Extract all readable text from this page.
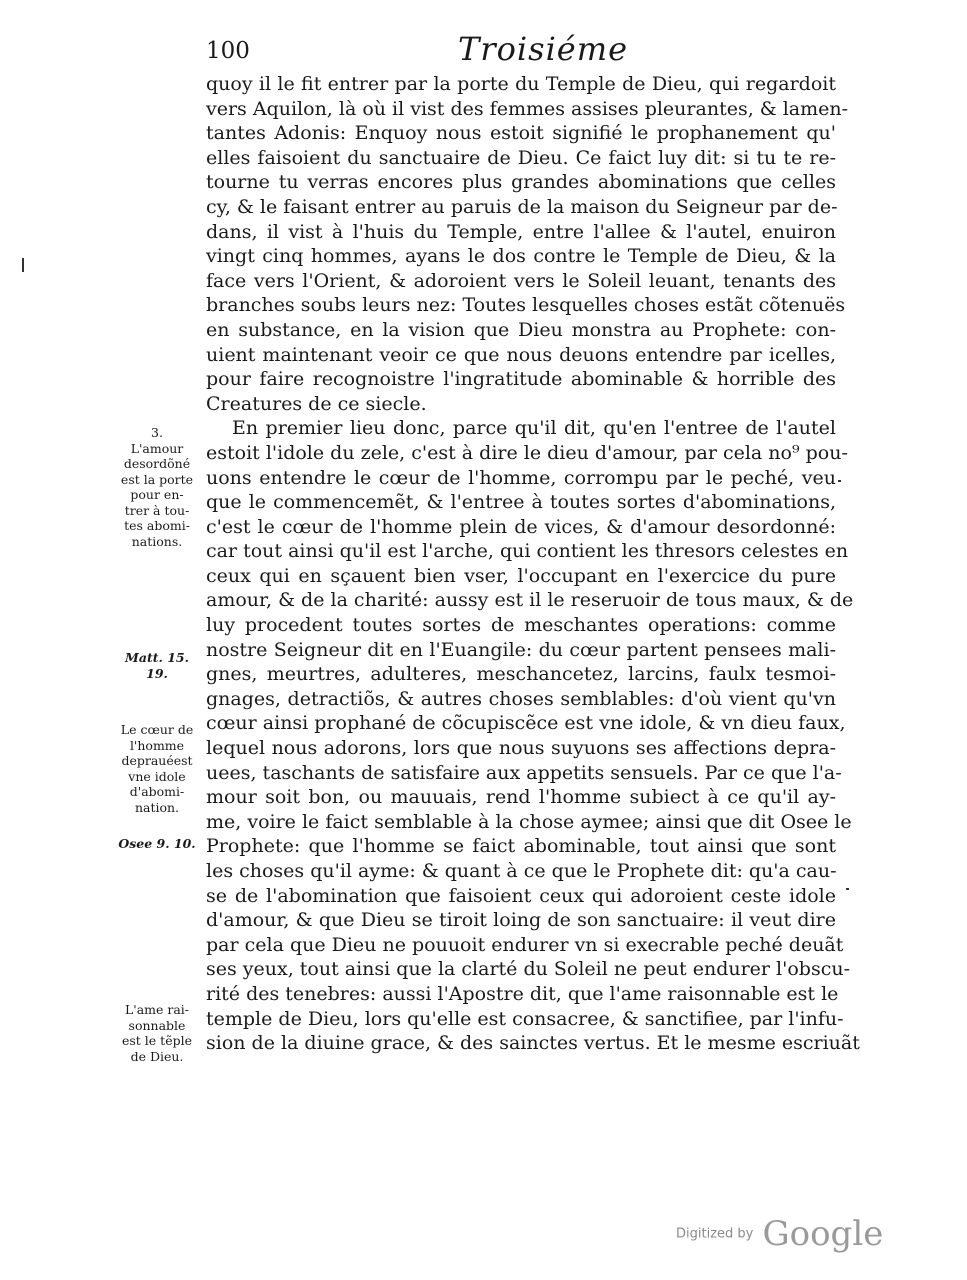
100	Troisiéme
quoy il le fit entrer par la porte du Temple de Dieu, qui regardoit
vers Aquilon, là où il vist des femmes assises pleurantes, & lamen-
tantes Adonis: Enquoy nous estoit signifié le prophanement qu'
elles faisoient du sanctuaire de Dieu. Ce faict luy dit: si tu te re-
tourne tu verras encores plus grandes abominations que celles
cy, & le faisant entrer au paruis de la maison du Seigneur par de-
dans, il vist à l'huis du Temple, entre l'allee & l'autel, enuiron
vingt cinq hommes, ayans le dos contre le Temple de Dieu, & la
face vers l'Orient, & adoroient vers le Soleil leuant, tenants des
branches soubs leurs nez: Toutes lesquelles choses estãt cõtenuës
en substance, en la vision que Dieu monstra au Prophete: con-
uient maintenant veoir ce que nous deuons entendre par icelles,
pour faire recognoistre l'ingratitude abominable & horrible des
Creatures de ce siecle.
En premier lieu donc, parce qu'il dit, qu'en l'entree de l'autel
estoit l'idole du zele, c'est à dire le dieu d'amour, par cela no⁹ pou-
uons entendre le cœur de l'homme, corrompu par le peché, veu
que le commencemẽt, & l'entree à toutes sortes d'abominations,
c'est le cœur de l'homme plein de vices, & d'amour desordonné:
car tout ainsi qu'il est l'arche, qui contient les thresors celestes en
ceux qui en sçauent bien vser, l'occupant en l'exercice du pure
amour, & de la charité: aussy est il le reseruoir de tous maux, & de
luy procedent toutes sortes de meschantes operations: comme
nostre Seigneur dit en l'Euangile: du cœur partent pensees mali-
gnes, meurtres, adulteres, meschancetez, larcins, faulx tesmoi-
gnages, detractiõs, & autres choses semblables: d'où vient qu'vn
cœur ainsi prophané de cõcupiscẽce est vne idole, & vn dieu faux,
lequel nous adorons, lors que nous suyuons ses affections depra-
uees, taschants de satisfaire aux appetits sensuels. Par ce que l'a-
mour soit bon, ou mauuais, rend l'homme subiect à ce qu'il ay-
me, voire le faict semblable à la chose aymee; ainsi que dit Osee le
Prophete: que l'homme se faict abominable, tout ainsi que sont
les choses qu'il ayme: & quant à ce que le Prophete dit: qu'a cau-
se de l'abomination que faisoient ceux qui adoroient ceste idole
d'amour, & que Dieu se tiroit loing de son sanctuaire: il veut dire
par cela que Dieu ne pouuoit endurer vn si execrable peché deuãt
ses yeux, tout ainsi que la clarté du Soleil ne peut endurer l'obscu-
rité des tenebres: aussi l'Apostre dit, que l'ame raisonnable est le
temple de Dieu, lors qu'elle est consacree, & sanctifiee, par l'infu-
sion de la diuine grace, & des sainctes vertus. Et le mesme escriuãt
3.
L'amour
desordõné
est la porte
pour en-
trer à tou-
tes abomi-
nations.
Matt. 15.
19.
Le cœur de
l'homme
deprauéest
vne idole
d'abomi-
nation.
Osee 9. 10.
L'ame rai-
sonnable
est le tẽple
de Dieu.
Digitized by Google
